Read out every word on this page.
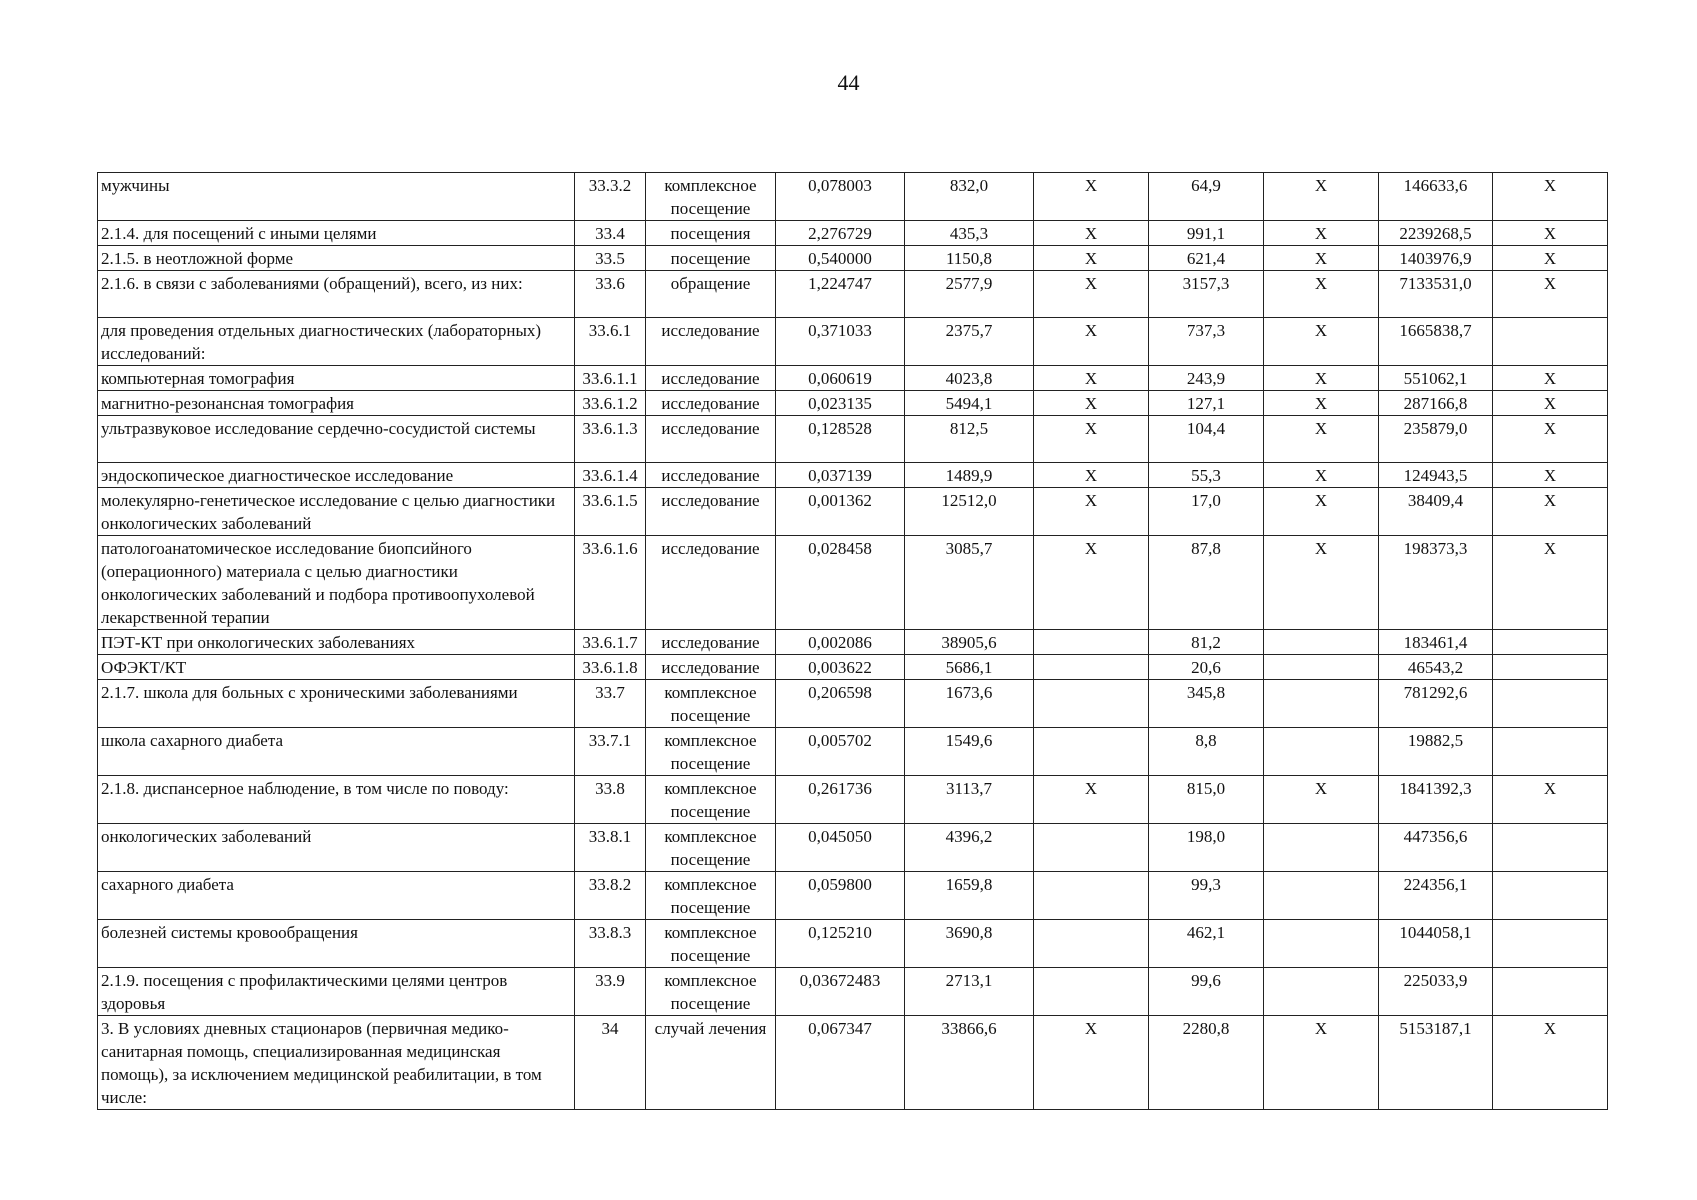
44
мужчины	33.3.2	комплексное посещение	0,078003	832,0	X	64,9	X	146633,6	X
2.1.4. для посещений с иными целями	33.4	посещения	2,276729	435,3	X	991,1	X	2239268,5	X
2.1.5. в неотложной форме	33.5	посещение	0,540000	1150,8	X	621,4	X	1403976,9	X
2.1.6. в связи с заболеваниями (обращений), всего, из них:	33.6	обращение	1,224747	2577,9	X	3157,3	X	7133531,0	X
для проведения отдельных диагностических (лабораторных) исследований:	33.6.1	исследование	0,371033	2375,7	X	737,3	X	1665838,7	
компьютерная томография	33.6.1.1	исследование	0,060619	4023,8	X	243,9	X	551062,1	X
магнитно-резонансная томография	33.6.1.2	исследование	0,023135	5494,1	X	127,1	X	287166,8	X
ультразвуковое исследование сердечно-сосудистой системы	33.6.1.3	исследование	0,128528	812,5	X	104,4	X	235879,0	X
эндоскопическое диагностическое исследование	33.6.1.4	исследование	0,037139	1489,9	X	55,3	X	124943,5	X
молекулярно-генетическое исследование с целью диагностики онкологических заболеваний	33.6.1.5	исследование	0,001362	12512,0	X	17,0	X	38409,4	X
патологоанатомическое исследование биопсийного (операционного) материала с целью диагностики онкологических заболеваний и подбора противоопухолевой лекарственной терапии	33.6.1.6	исследование	0,028458	3085,7	X	87,8	X	198373,3	X
ПЭТ-КТ при онкологических заболеваниях	33.6.1.7	исследование	0,002086	38905,6		81,2		183461,4	
ОФЭКТ/КТ	33.6.1.8	исследование	0,003622	5686,1		20,6		46543,2	
2.1.7. школа для больных с хроническими заболеваниями	33.7	комплексное посещение	0,206598	1673,6		345,8		781292,6	
школа сахарного диабета	33.7.1	комплексное посещение	0,005702	1549,6		8,8		19882,5	
2.1.8. диспансерное наблюдение, в том числе по поводу:	33.8	комплексное посещение	0,261736	3113,7	X	815,0	X	1841392,3	X
онкологических заболеваний	33.8.1	комплексное посещение	0,045050	4396,2		198,0		447356,6	
сахарного диабета	33.8.2	комплексное посещение	0,059800	1659,8		99,3		224356,1	
болезней системы кровообращения	33.8.3	комплексное посещение	0,125210	3690,8		462,1		1044058,1	
2.1.9. посещения с профилактическими целями центров здоровья	33.9	комплексное посещение	0,03672483	2713,1		99,6		225033,9	
3. В условиях дневных стационаров (первичная медико-санитарная помощь, специализированная медицинская помощь), за исключением медицинской реабилитации, в том числе:	34	случай лечения	0,067347	33866,6	X	2280,8	X	5153187,1	X
